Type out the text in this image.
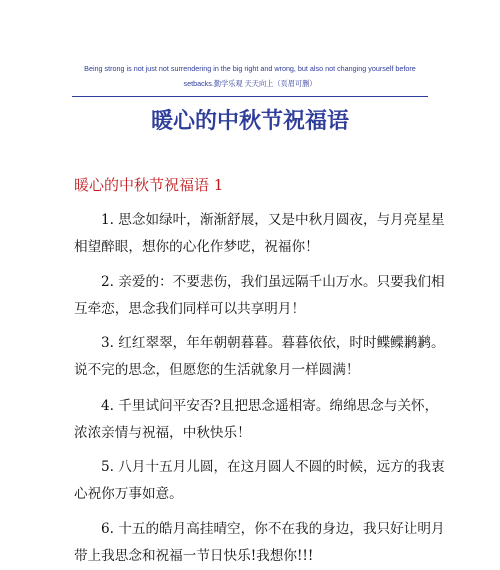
Being strong is not just not surrendering in the big right and wrong, but also not changing yourself before
setbacks.勤学乐观 天天向上（页眉可删）
暖心的中秋节祝福语
暖心的中秋节祝福语 1
1. 思念如绿叶，渐渐舒展，又是中秋月圆夜，与月亮星星
相望醉眼，想你的心化作梦呓，祝福你！
2. 亲爱的：不要悲伤，我们虽远隔千山万水。只要我们相
互牵恋，思念我们同样可以共享明月！
3. 红红翠翠，年年朝朝暮暮。暮暮依依，时时鲽鲽鹣鹣。
说不完的思念，但愿您的生活就象月一样圆满！
4. 千里试问平安否?且把思念遥相寄。绵绵思念与关怀，
浓浓亲情与祝福，中秋快乐！
5. 八月十五月儿圆，在这月圆人不圆的时候，远方的我衷
心祝你万事如意。
6. 十五的皓月高挂晴空，你不在我的身边，我只好让明月
带上我思念和祝福一节日快乐!我想你!!!
